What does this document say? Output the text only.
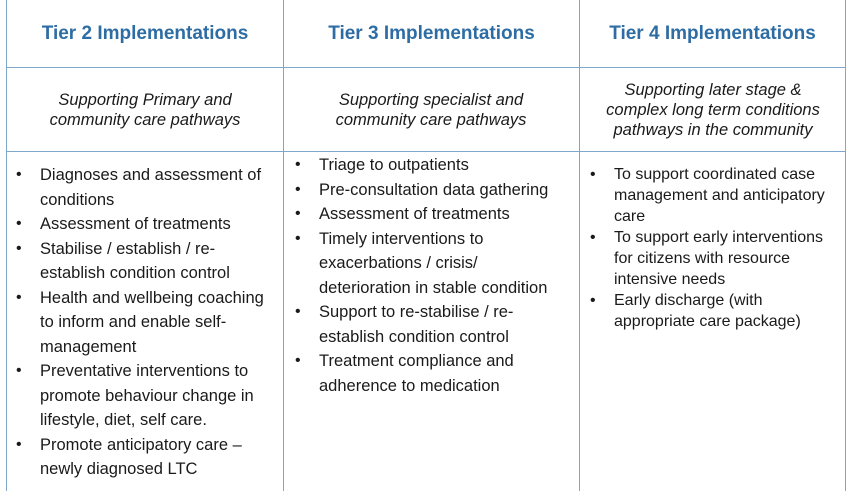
Tier 2 Implementations	Tier 3 Implementations	Tier 4 Implementations
Supporting Primary and community care pathways
Supporting specialist and community care pathways
Supporting later stage & complex long term conditions pathways in the community
• Diagnoses and assessment of conditions
• Assessment of treatments
• Stabilise / establish / re-establish condition control
• Health and wellbeing coaching to inform and enable self-management
• Preventative interventions to promote behaviour change in lifestyle, diet, self care.
• Promote anticipatory care – newly diagnosed LTC
• Triage to outpatients
• Pre-consultation data gathering
• Assessment of treatments
• Timely interventions to exacerbations / crisis/ deterioration in stable condition
• Support to re-stabilise / re-establish condition control
• Treatment compliance and adherence to medication
• To support coordinated case management and anticipatory care
• To support early interventions for citizens with resource intensive needs
• Early discharge (with appropriate care package)
